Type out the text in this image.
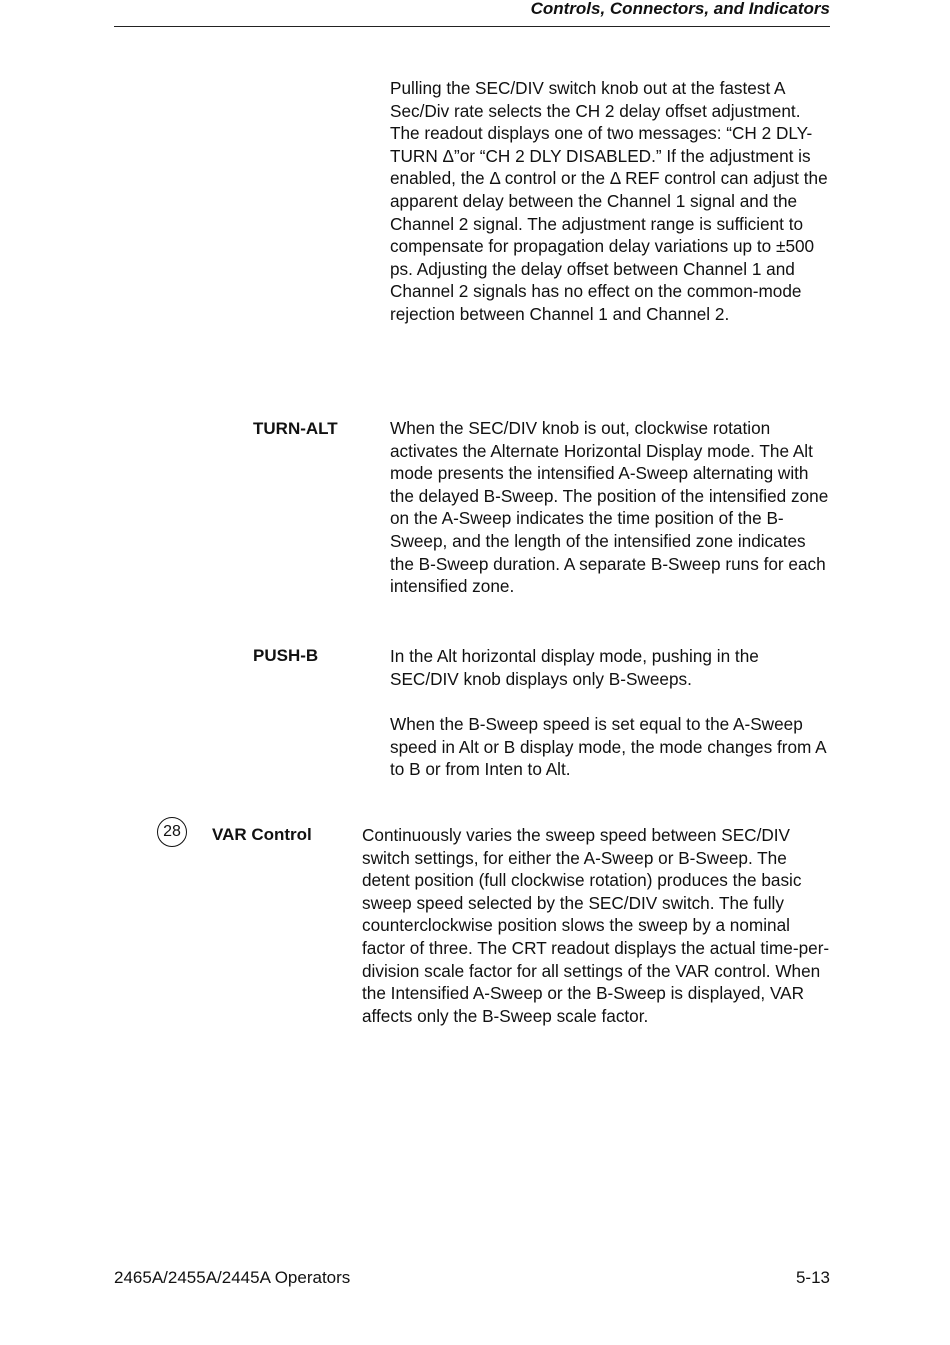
Controls, Connectors, and Indicators

Pulling the SEC/DIV switch knob out at the fastest A Sec/Div rate selects the CH 2 delay offset adjustment. The readout displays one of two messages: “CH 2 DLY-TURN Δ”or “CH 2 DLY DISABLED.” If the adjustment is enabled, the Δ control or the Δ REF control can adjust the apparent delay between the Channel 1 signal and the Channel 2 signal. The adjustment range is sufficient to compensate for propagation delay variations up to ±500 ps. Adjusting the delay offset between Channel 1 and Channel 2 signals has no effect on the common-mode rejection between Channel 1 and Channel 2.

TURN-ALT	When the SEC/DIV knob is out, clockwise rotation activates the Alternate Horizontal Display mode. The Alt mode presents the intensified A-Sweep alternating with the delayed B-Sweep. The position of the intensified zone on the A-Sweep indicates the time position of the B-Sweep, and the length of the intensified zone indicates the B-Sweep duration. A separate B-Sweep runs for each intensified zone.

PUSH-B	In the Alt horizontal display mode, pushing in the SEC/DIV knob displays only B-Sweeps.

When the B-Sweep speed is set equal to the A-Sweep speed in Alt or B display mode, the mode changes from A to B or from Inten to Alt.

28	VAR Control	Continuously varies the sweep speed between SEC/DIV switch settings, for either the A-Sweep or B-Sweep. The detent position (full clockwise rotation) produces the basic sweep speed selected by the SEC/DIV switch. The fully counterclockwise position slows the sweep by a nominal factor of three. The CRT readout displays the actual time-per-division scale factor for all settings of the VAR control. When the Intensified A-Sweep or the B-Sweep is displayed, VAR affects only the B-Sweep scale factor.

2465A/2455A/2445A Operators	5-13
